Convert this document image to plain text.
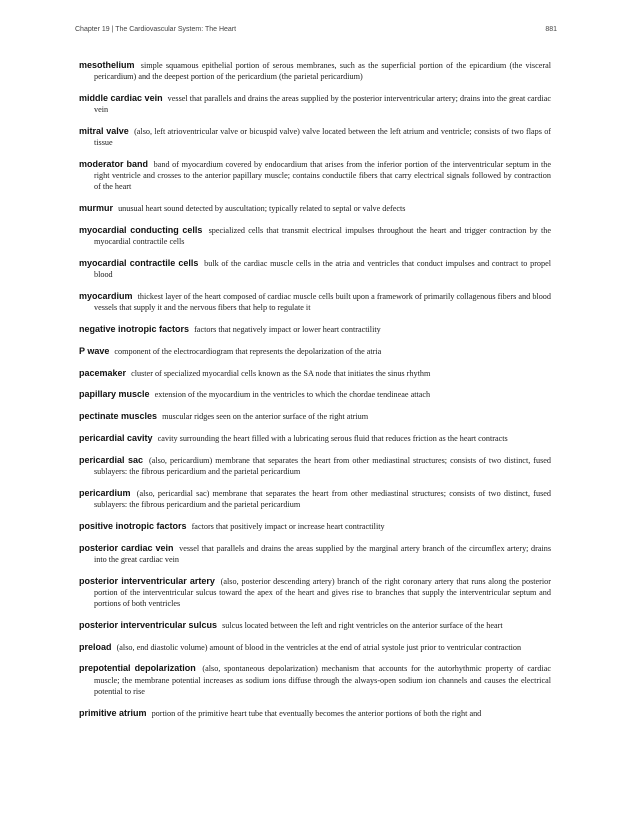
Chapter 19 | The Cardiovascular System: The Heart	881

mesothelium simple squamous epithelial portion of serous membranes, such as the superficial portion of the epicardium (the visceral pericardium) and the deepest portion of the pericardium (the parietal pericardium)

middle cardiac vein vessel that parallels and drains the areas supplied by the posterior interventricular artery; drains into the great cardiac vein

mitral valve (also, left atrioventricular valve or bicuspid valve) valve located between the left atrium and ventricle; consists of two flaps of tissue

moderator band band of myocardium covered by endocardium that arises from the inferior portion of the interventricular septum in the right ventricle and crosses to the anterior papillary muscle; contains conductile fibers that carry electrical signals followed by contraction of the heart

murmur unusual heart sound detected by auscultation; typically related to septal or valve defects

myocardial conducting cells specialized cells that transmit electrical impulses throughout the heart and trigger contraction by the myocardial contractile cells

myocardial contractile cells bulk of the cardiac muscle cells in the atria and ventricles that conduct impulses and contract to propel blood

myocardium thickest layer of the heart composed of cardiac muscle cells built upon a framework of primarily collagenous fibers and blood vessels that supply it and the nervous fibers that help to regulate it

negative inotropic factors factors that negatively impact or lower heart contractility

P wave component of the electrocardiogram that represents the depolarization of the atria

pacemaker cluster of specialized myocardial cells known as the SA node that initiates the sinus rhythm

papillary muscle extension of the myocardium in the ventricles to which the chordae tendineae attach

pectinate muscles muscular ridges seen on the anterior surface of the right atrium

pericardial cavity cavity surrounding the heart filled with a lubricating serous fluid that reduces friction as the heart contracts

pericardial sac (also, pericardium) membrane that separates the heart from other mediastinal structures; consists of two distinct, fused sublayers: the fibrous pericardium and the parietal pericardium

pericardium (also, pericardial sac) membrane that separates the heart from other mediastinal structures; consists of two distinct, fused sublayers: the fibrous pericardium and the parietal pericardium

positive inotropic factors factors that positively impact or increase heart contractility

posterior cardiac vein vessel that parallels and drains the areas supplied by the marginal artery branch of the circumflex artery; drains into the great cardiac vein

posterior interventricular artery (also, posterior descending artery) branch of the right coronary artery that runs along the posterior portion of the interventricular sulcus toward the apex of the heart and gives rise to branches that supply the interventricular septum and portions of both ventricles

posterior interventricular sulcus sulcus located between the left and right ventricles on the anterior surface of the heart

preload (also, end diastolic volume) amount of blood in the ventricles at the end of atrial systole just prior to ventricular contraction

prepotential depolarization (also, spontaneous depolarization) mechanism that accounts for the autorhythmic property of cardiac muscle; the membrane potential increases as sodium ions diffuse through the always-open sodium ion channels and causes the electrical potential to rise

primitive atrium portion of the primitive heart tube that eventually becomes the anterior portions of both the right and
